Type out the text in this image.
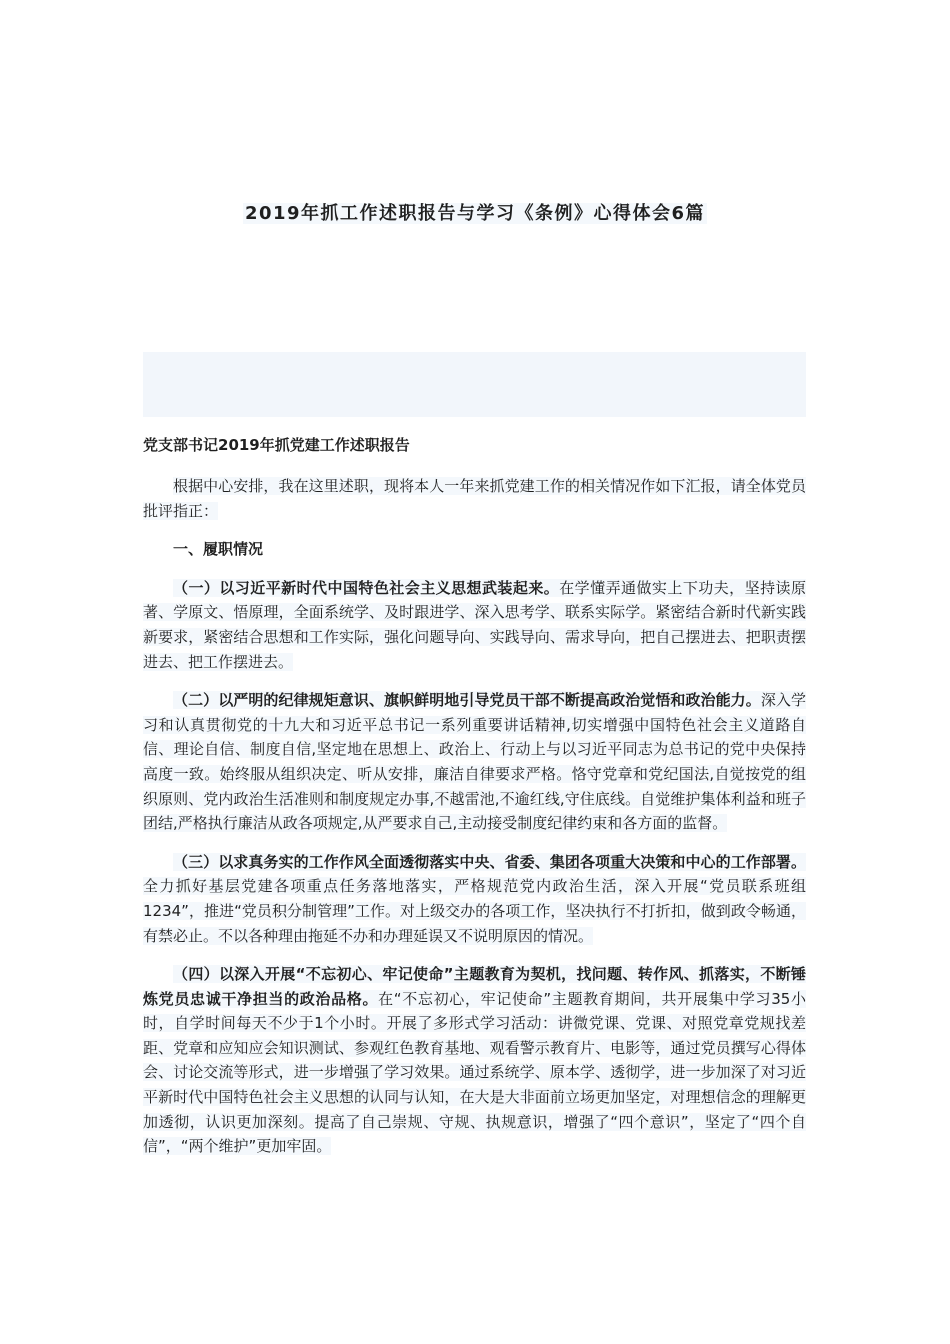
2019年抓工作述职报告与学习《条例》心得体会6篇

党支部书记2019年抓党建工作述职报告

根据中心安排，我在这里述职，现将本人一年来抓党建工作的相关情况作如下汇报，请全体党员批评指正：

一、履职情况

（一）以习近平新时代中国特色社会主义思想武装起来。在学懂弄通做实上下功夫，坚持读原著、学原文、悟原理，全面系统学、及时跟进学、深入思考学、联系实际学。紧密结合新时代新实践新要求，紧密结合思想和工作实际，强化问题导向、实践导向、需求导向，把自己摆进去、把职责摆进去、把工作摆进去。

（二）以严明的纪律规矩意识、旗帜鲜明地引导党员干部不断提高政治觉悟和政治能力。深入学习和认真贯彻党的十九大和习近平总书记一系列重要讲话精神,切实增强中国特色社会主义道路自信、理论自信、制度自信,坚定地在思想上、政治上、行动上与以习近平同志为总书记的党中央保持高度一致。始终服从组织决定、听从安排，廉洁自律要求严格。恪守党章和党纪国法,自觉按党的组织原则、党内政治生活准则和制度规定办事,不越雷池,不逾红线,守住底线。自觉维护集体利益和班子团结,严格执行廉洁从政各项规定,从严要求自己,主动接受制度纪律约束和各方面的监督。

（三）以求真务实的工作作风全面透彻落实中央、省委、集团各项重大决策和中心的工作部署。全力抓好基层党建各项重点任务落地落实，严格规范党内政治生活，深入开展“党员联系班组1234”，推进“党员积分制管理”工作。对上级交办的各项工作，坚决执行不打折扣，做到政令畅通，有禁必止。不以各种理由拖延不办和办理延误又不说明原因的情况。

（四）以深入开展“不忘初心、牢记使命”主题教育为契机，找问题、转作风、抓落实，不断锤炼党员忠诚干净担当的政治品格。在“不忘初心，牢记使命”主题教育期间，共开展集中学习35小时，自学时间每天不少于1个小时。开展了多形式学习活动：讲微党课、党课、对照党章党规找差距、党章和应知应会知识测试、参观红色教育基地、观看警示教育片、电影等，通过党员撰写心得体会、讨论交流等形式，进一步增强了学习效果。通过系统学、原本学、透彻学，进一步加深了对习近平新时代中国特色社会主义思想的认同与认知，在大是大非面前立场更加坚定，对理想信念的理解更加透彻，认识更加深刻。提高了自己崇规、守规、执规意识，增强了“四个意识”，坚定了“四个自信”，“两个维护”更加牢固。
